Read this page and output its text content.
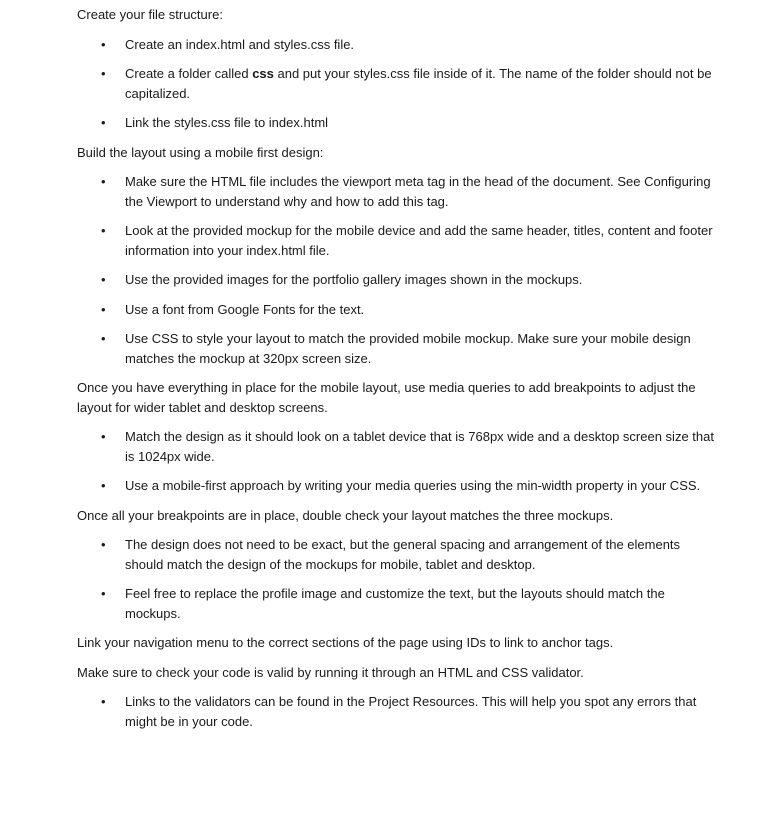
Create your file structure:

• Create an index.html and styles.css file.
• Create a folder called css and put your styles.css file inside of it. The name of the folder should not be capitalized.
• Link the styles.css file to index.html

Build the layout using a mobile first design:

• Make sure the HTML file includes the viewport meta tag in the head of the document. See Configuring the Viewport to understand why and how to add this tag.
• Look at the provided mockup for the mobile device and add the same header, titles, content and footer information into your index.html file.
• Use the provided images for the portfolio gallery images shown in the mockups.
• Use a font from Google Fonts for the text.
• Use CSS to style your layout to match the provided mobile mockup. Make sure your mobile design matches the mockup at 320px screen size.

Once you have everything in place for the mobile layout, use media queries to add breakpoints to adjust the layout for wider tablet and desktop screens.

• Match the design as it should look on a tablet device that is 768px wide and a desktop screen size that is 1024px wide.
• Use a mobile-first approach by writing your media queries using the min-width property in your CSS.

Once all your breakpoints are in place, double check your layout matches the three mockups.

• The design does not need to be exact, but the general spacing and arrangement of the elements should match the design of the mockups for mobile, tablet and desktop.
• Feel free to replace the profile image and customize the text, but the layouts should match the mockups.

Link your navigation menu to the correct sections of the page using IDs to link to anchor tags.

Make sure to check your code is valid by running it through an HTML and CSS validator.

• Links to the validators can be found in the Project Resources. This will help you spot any errors that might be in your code.
